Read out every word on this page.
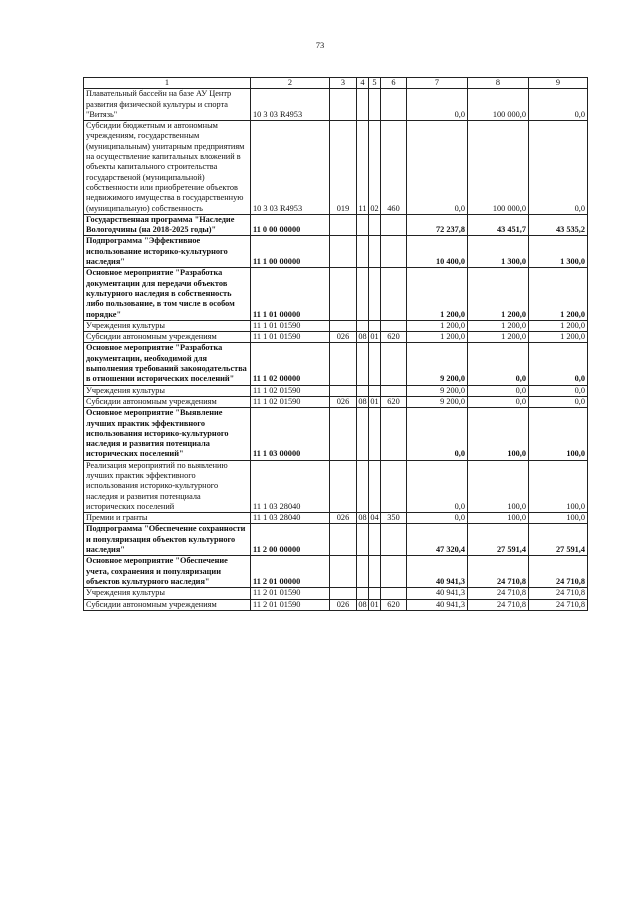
73
1	2	3	4	5	6	7	8	9
Плавательный бассейн на базе АУ Центр развития физической культуры и спорта "Витязь"	10 3 03 R4953					0,0	100 000,0	0,0
Субсидии бюджетным и автономным учреждениям, государственным (муниципальным) унитарным предприятиям на осуществление капитальных вложений в объекты капитального строительства государственой (муниципальной) собственности или приобретение объектов недвижимого имущества в государственную (муниципальную) собственность	10 3 03 R4953	019	11	02	460	0,0	100 000,0	0,0
Государственная программа "Наследие Вологодчины (на 2018-2025 годы)"	11 0 00 00000					72 237,8	43 451,7	43 535,2
Подпрограмма "Эффективное использование историко-культурного наследия"	11 1 00 00000					10 400,0	1 300,0	1 300,0
Основное мероприятие "Разработка документации для передачи объектов культурного наследия в собственность либо пользование, в том числе в особом порядке"	11 1 01 00000					1 200,0	1 200,0	1 200,0
Учреждения культуры	11 1 01 01590					1 200,0	1 200,0	1 200,0
Субсидии автономным учреждениям	11 1 01 01590	026	08	01	620	1 200,0	1 200,0	1 200,0
Основное мероприятие "Разработка документации, необходимой для выполнения требований законодательства в отношении исторических поселений"	11 1 02 00000					9 200,0	0,0	0,0
Учреждения культуры	11 1 02 01590					9 200,0	0,0	0,0
Субсидии автономным учреждениям	11 1 02 01590	026	08	01	620	9 200,0	0,0	0,0
Основное мероприятие "Выявление лучших практик эффективного использования историко-культурного наследия и развития потенциала исторических поселений"	11 1 03 00000					0,0	100,0	100,0
Реализация мероприятий по выявлению лучших практик эффективного использования историко-культурного наследия и развития потенциала исторических поселений	11 1 03 28040					0,0	100,0	100,0
Премии и гранты	11 1 03 28040	026	08	04	350	0,0	100,0	100,0
Подпрограмма "Обеспечение сохранности и популяризация объектов культурного наследия"	11 2 00 00000					47 320,4	27 591,4	27 591,4
Основное мероприятие "Обеспечение учета, сохранения и популяризации объектов культурного наследия"	11 2 01 00000					40 941,3	24 710,8	24 710,8
Учреждения культуры	11 2 01 01590					40 941,3	24 710,8	24 710,8
Субсидии автономным учреждениям	11 2 01 01590	026	08	01	620	40 941,3	24 710,8	24 710,8
